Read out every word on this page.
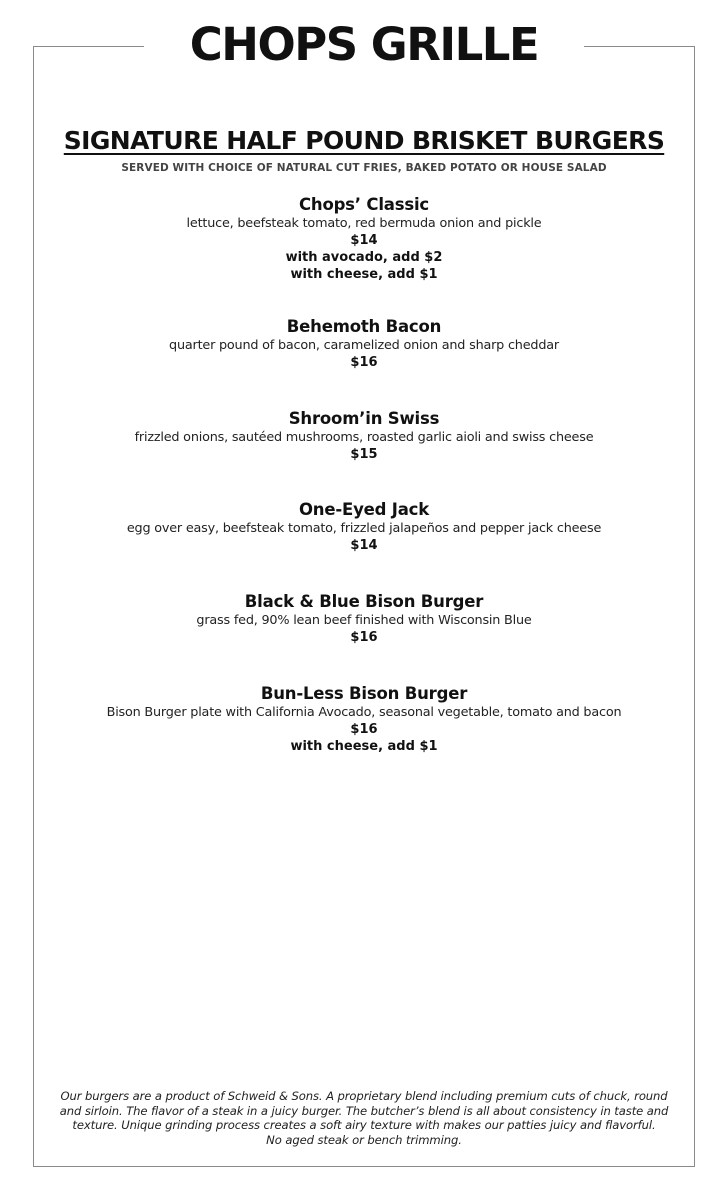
CHOPS GRILLE
SIGNATURE HALF POUND BRISKET BURGERS
SERVED WITH CHOICE OF NATURAL CUT FRIES, BAKED POTATO OR HOUSE SALAD
Chops’ Classic
lettuce, beefsteak tomato, red bermuda onion and pickle
$14
with avocado, add $2
with cheese, add $1
Behemoth Bacon
quarter pound of bacon, caramelized onion and sharp cheddar
$16
Shroom’in Swiss
frizzled onions, sautéed mushrooms, roasted garlic aioli and swiss cheese
$15
One-Eyed Jack
egg over easy, beefsteak tomato, frizzled jalapeños and pepper jack cheese
$14
Black & Blue Bison Burger
grass fed, 90% lean beef finished with Wisconsin Blue
$16
Bun-Less Bison Burger
Bison Burger plate with California Avocado, seasonal vegetable, tomato and bacon
$16
with cheese, add $1

Our burgers are a product of Schweid & Sons. A proprietary blend including premium cuts of chuck, round

and sirloin. The flavor of a steak in a juicy burger. The butcher’s blend is all about consistency in taste and

texture. Unique grinding process creates a soft airy texture with makes our patties juicy and flavorful.

No aged steak or bench trimming.
